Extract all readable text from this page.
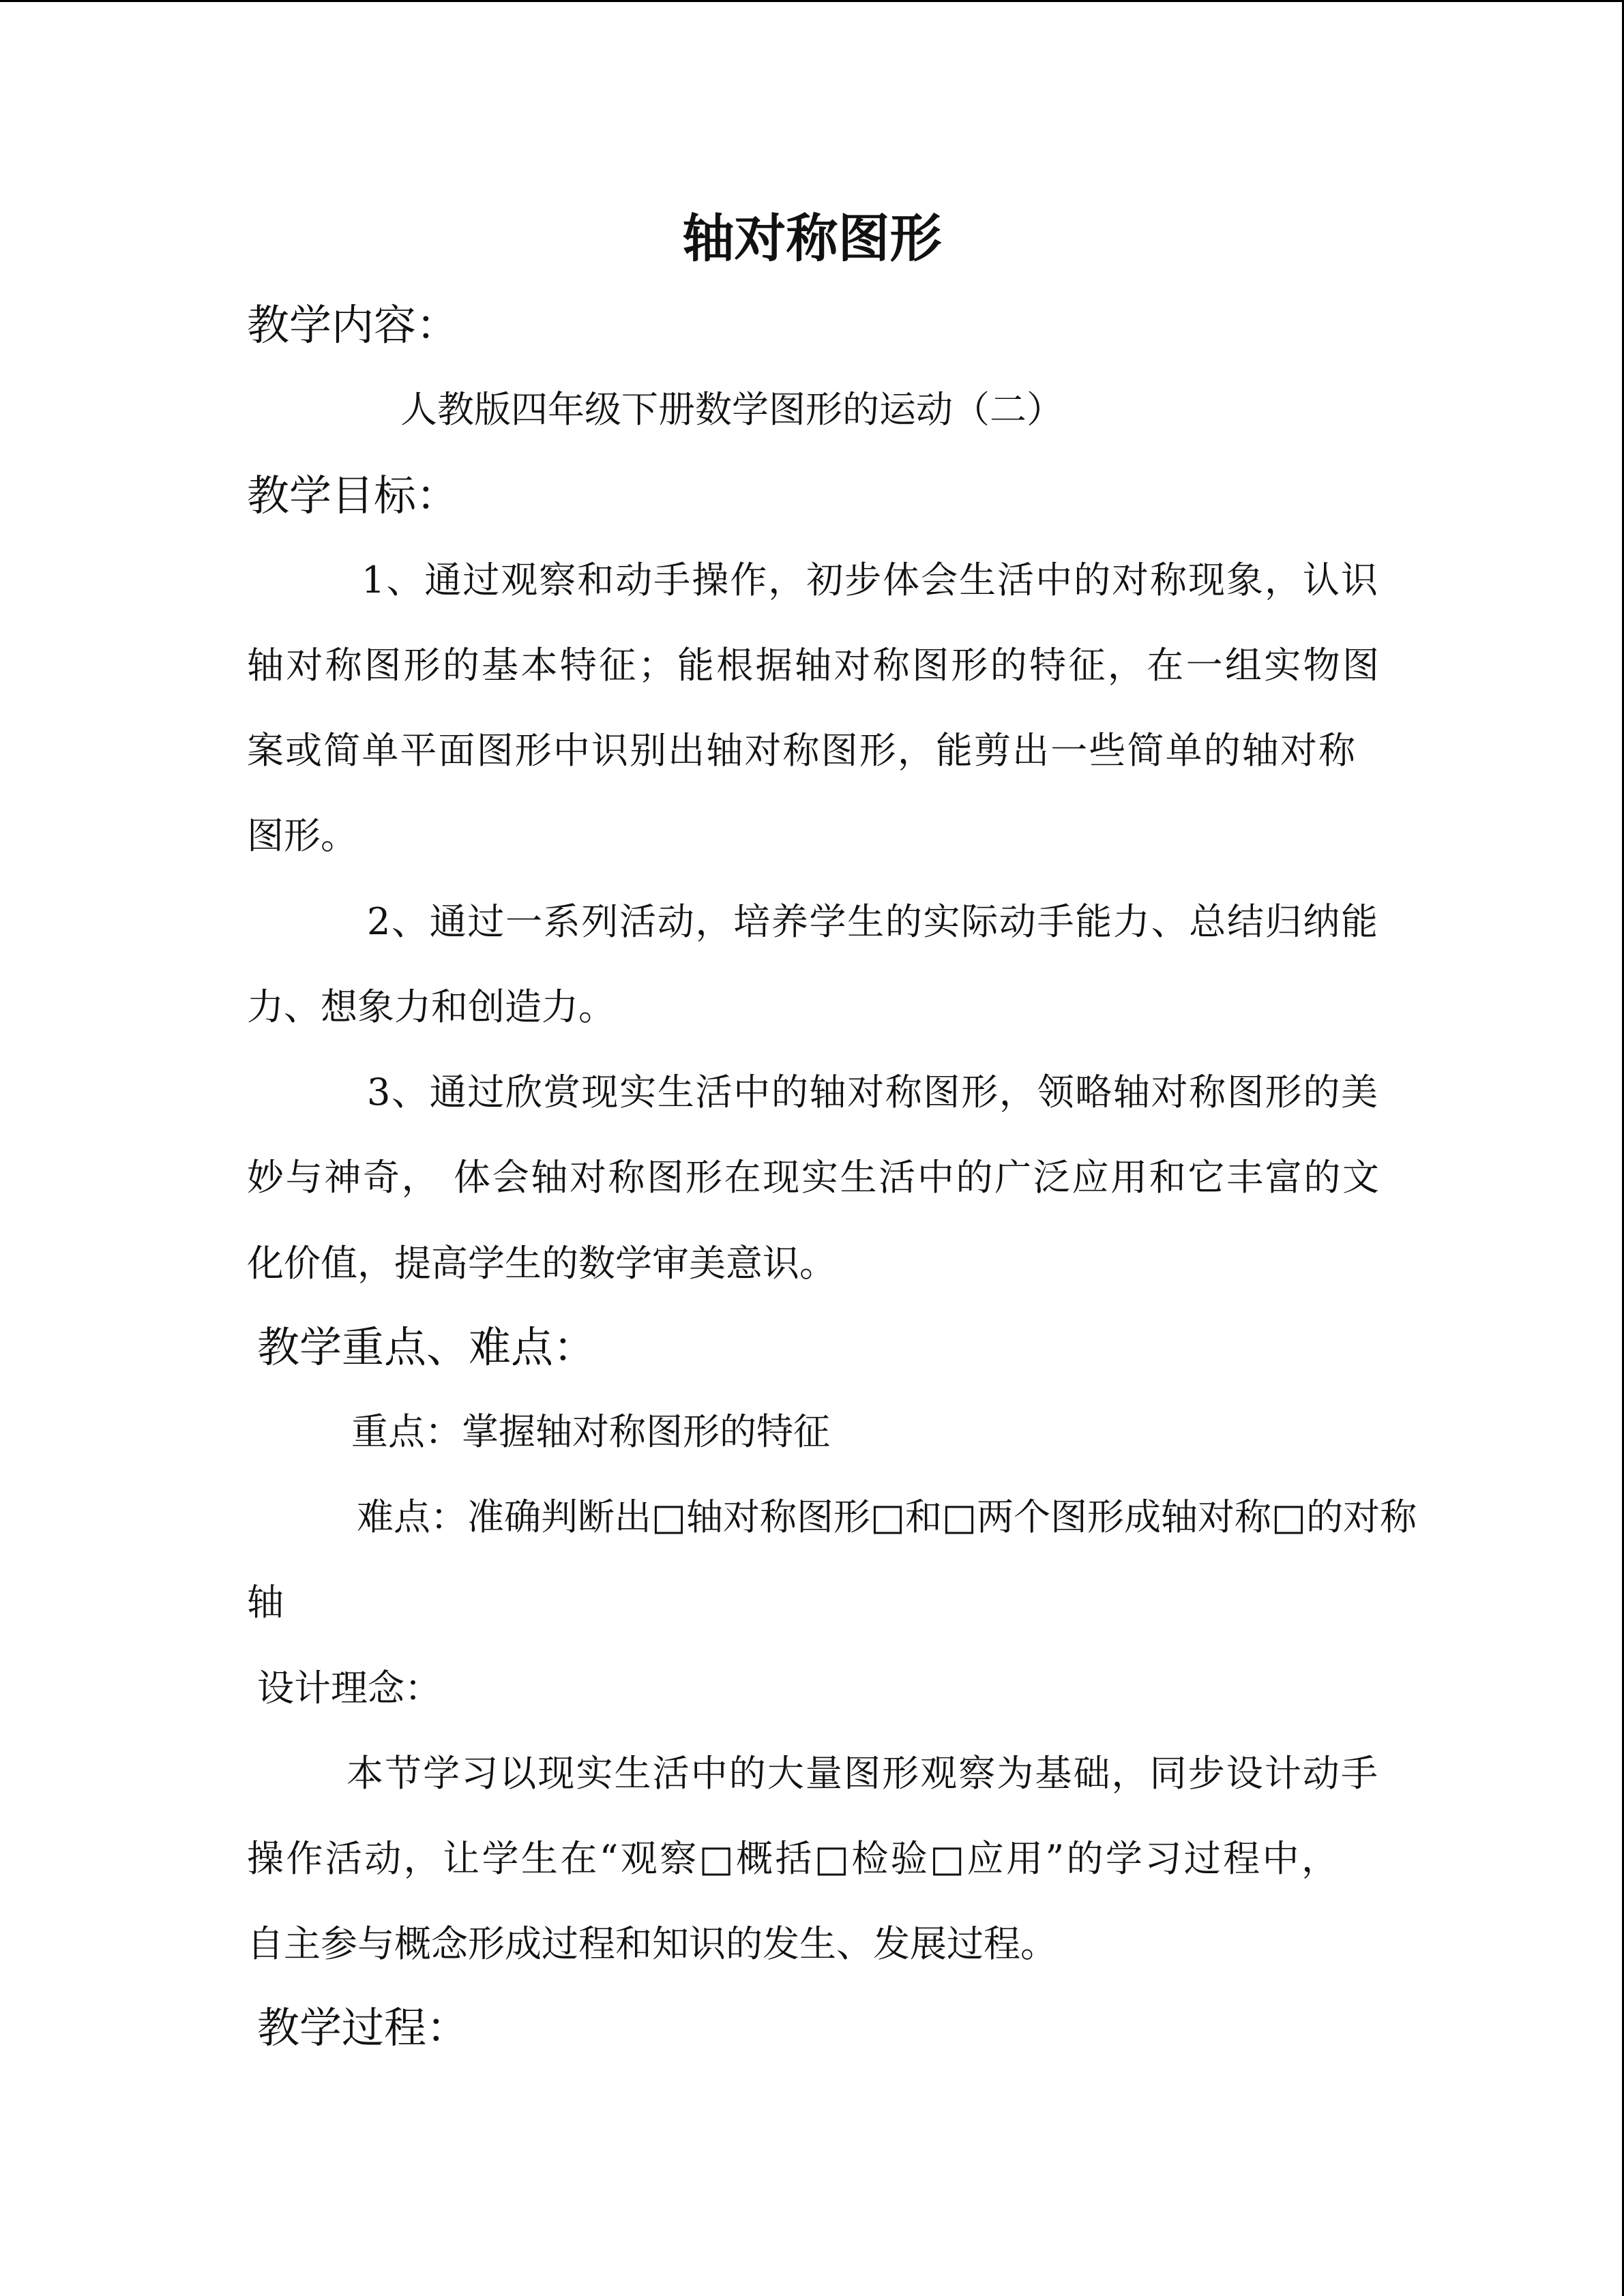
轴对称图形
教学内容：
人教版四年级下册数学图形的运动（二）
教学目标：
1、通过观察和动手操作，初步体会生活中的对称现象，认识
轴对称图形的基本特征；能根据轴对称图形的特征，在一组实物图
案或简单平面图形中识别出轴对称图形，能剪出一些简单的轴对称
图形。
2、通过一系列活动，培养学生的实际动手能力、总结归纳能
力、想象力和创造力。
3、通过欣赏现实生活中的轴对称图形，领略轴对称图形的美
妙与神奇， 体会轴对称图形在现实生活中的广泛应用和它丰富的文
化价值，提高学生的数学审美意识。
教学重点、难点：
重点：掌握轴对称图形的特征
难点：准确判断出□轴对称图形□和□两个图形成轴对称□的对称
轴
设计理念：
本节学习以现实生活中的大量图形观察为基础，同步设计动手
操作活动，让学生在“观察□概括□检验□应用”的学习过程中，
自主参与概念形成过程和知识的发生、发展过程。
教学过程：
